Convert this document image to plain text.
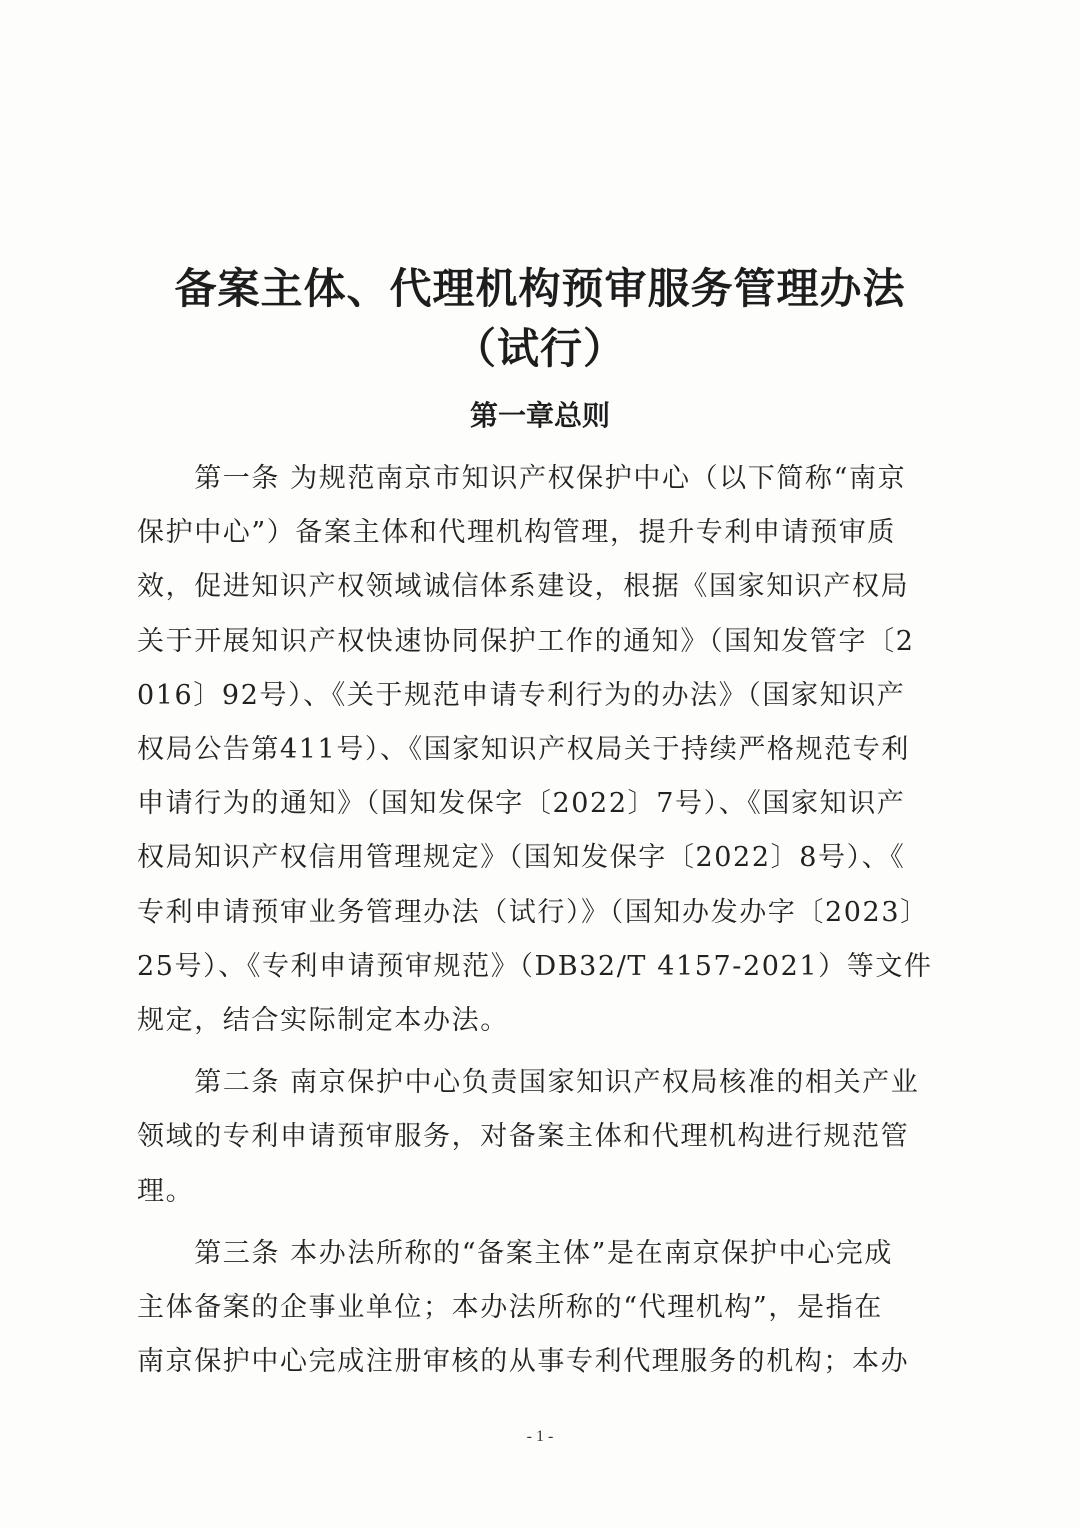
备案主体、代理机构预审服务管理办法
（试行）
第一章总则
　　第一条 为规范南京市知识产权保护中心（以下简称“南京
保护中心”）备案主体和代理机构管理，提升专利申请预审质
效，促进知识产权领域诚信体系建设，根据《国家知识产权局
关于开展知识产权快速协同保护工作的通知》（国知发管字〔2
016〕92号）、《关于规范申请专利行为的办法》（国家知识产
权局公告第411号）、《国家知识产权局关于持续严格规范专利
申请行为的通知》（国知发保字〔2022〕7号）、《国家知识产
权局知识产权信用管理规定》（国知发保字〔2022〕8号）、《
专利申请预审业务管理办法（试行）》（国知办发办字〔2023〕
25号）、《专利申请预审规范》（DB32/T 4157-2021）等文件
规定，结合实际制定本办法。
　　第二条 南京保护中心负责国家知识产权局核准的相关产业
领域的专利申请预审服务，对备案主体和代理机构进行规范管
理。
　　第三条 本办法所称的“备案主体”是在南京保护中心完成
主体备案的企事业单位；本办法所称的“代理机构”，是指在
南京保护中心完成注册审核的从事专利代理服务的机构；本办
- 1 -
